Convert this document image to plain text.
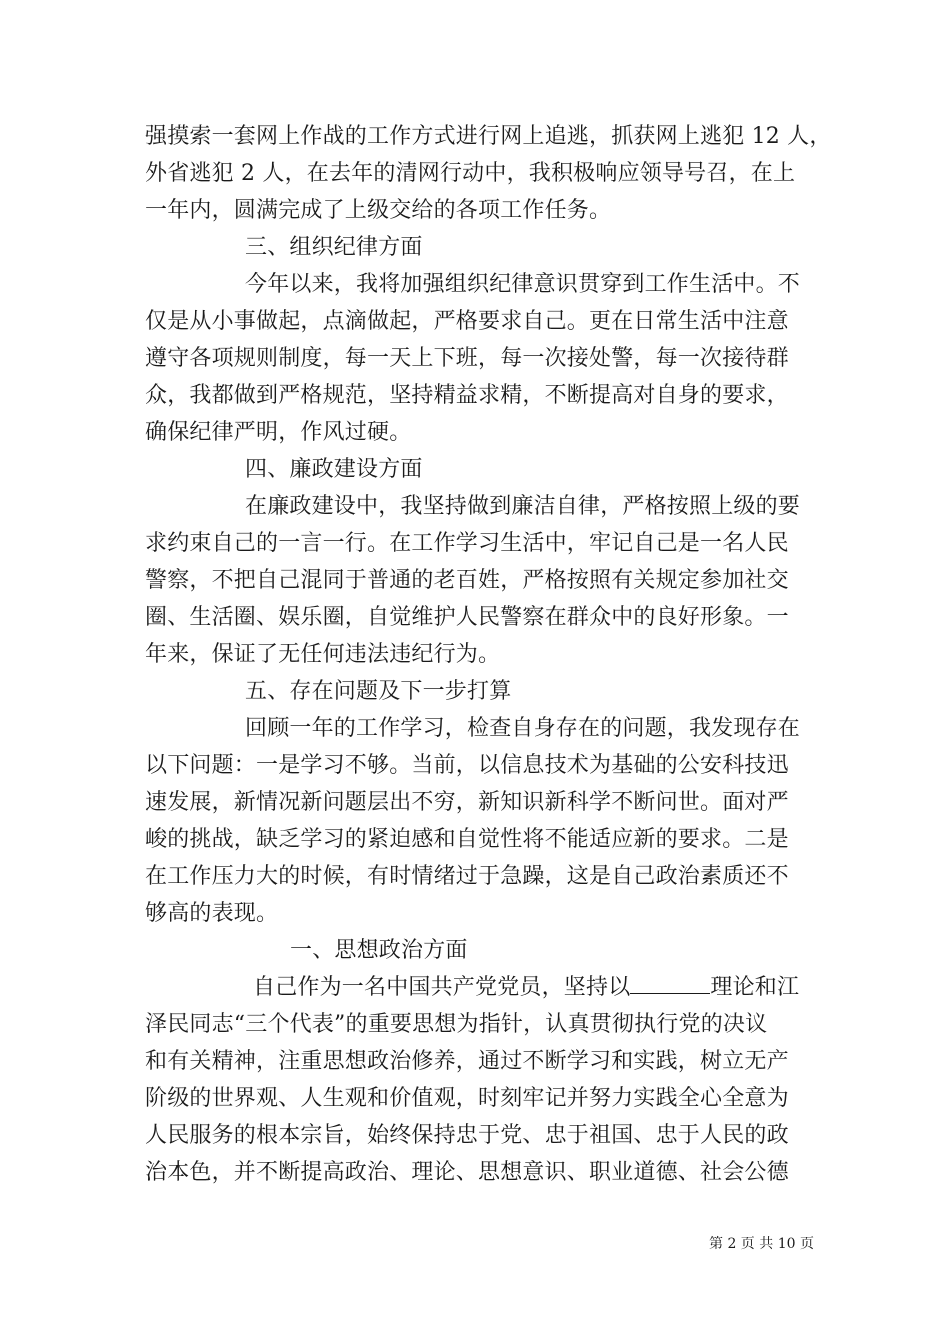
强摸索一套网上作战的工作方式进行网上追逃，抓获网上逃犯 12 人，
外省逃犯 2 人，在去年的清网行动中，我积极响应领导号召，在上
一年内，圆满完成了上级交给的各项工作任务。
三、组织纪律方面
今年以来，我将加强组织纪律意识贯穿到工作生活中。不
仅是从小事做起，点滴做起，严格要求自己。更在日常生活中注意
遵守各项规则制度，每一天上下班，每一次接处警，每一次接待群
众，我都做到严格规范，坚持精益求精，不断提高对自身的要求，
确保纪律严明，作风过硬。
四、廉政建设方面
在廉政建设中，我坚持做到廉洁自律，严格按照上级的要
求约束自己的一言一行。在工作学习生活中，牢记自己是一名人民
警察，不把自己混同于普通的老百姓，严格按照有关规定参加社交
圈、生活圈、娱乐圈，自觉维护人民警察在群众中的良好形象。一
年来，保证了无任何违法违纪行为。
五、存在问题及下一步打算
回顾一年的工作学习，检查自身存在的问题，我发现存在
以下问题：一是学习不够。当前，以信息技术为基础的公安科技迅
速发展，新情况新问题层出不穷，新知识新科学不断问世。面对严
峻的挑战，缺乏学习的紧迫感和自觉性将不能适应新的要求。二是
在工作压力大的时候，有时情绪过于急躁，这是自己政治素质还不
够高的表现。
一、思想政治方面
自己作为一名中国共产党党员，坚持以	理论和江
泽民同志“三个代表”的重要思想为指针，认真贯彻执行党的决议
和有关精神，注重思想政治修养，通过不断学习和实践，树立无产
阶级的世界观、人生观和价值观，时刻牢记并努力实践全心全意为
人民服务的根本宗旨，始终保持忠于党、忠于祖国、忠于人民的政
治本色，并不断提高政治、理论、思想意识、职业道德、社会公德
第 2 页 共 10 页
